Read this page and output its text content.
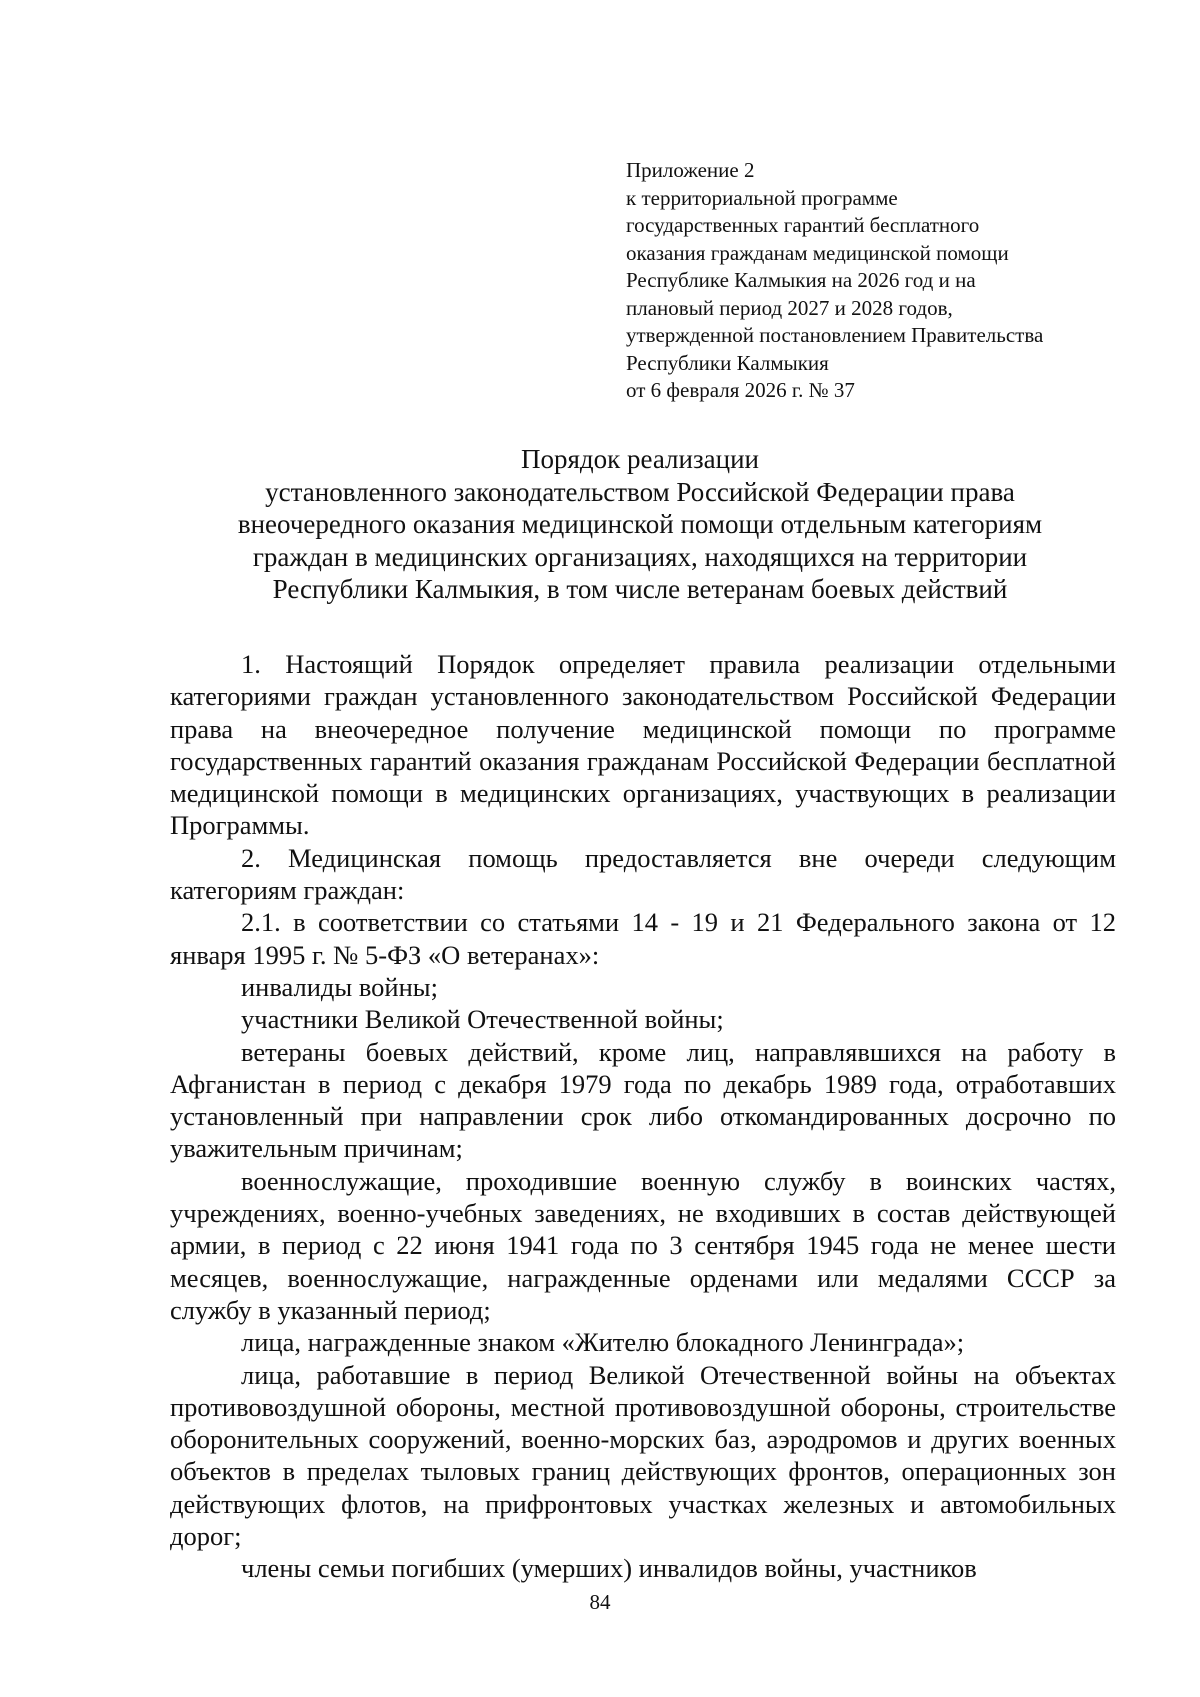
Приложение 2
к территориальной программе
государственных гарантий бесплатного
оказания гражданам медицинской помощи
Республике Калмыкия на 2026 год и на
плановый период 2027 и 2028 годов,
утвержденной постановлением Правительства
Республики Калмыкия
от 6 февраля 2026 г. № 37
Порядок реализации
установленного законодательством Российской Федерации права
внеочередного оказания медицинской помощи отдельным категориям
граждан в медицинских организациях, находящихся на территории
Республики Калмыкия, в том числе ветеранам боевых действий

1. Настоящий Порядок определяет правила реализации отдельными категориями граждан установленного законодательством Российской Федерации права на внеочередное получение медицинской помощи по программе государственных гарантий оказания гражданам Российской Федерации бесплатной медицинской помощи в медицинских организациях, участвующих в реализации Программы.

2. Медицинская помощь предоставляется вне очереди следующим категориям граждан:

2.1. в соответствии со статьями 14 - 19 и 21 Федерального закона от 12 января 1995 г. № 5-ФЗ «О ветеранах»:

инвалиды войны;

участники Великой Отечественной войны;

ветераны боевых действий, кроме лиц, направлявшихся на работу в Афганистан в период с декабря 1979 года по декабрь 1989 года, отработавших установленный при направлении срок либо откомандированных досрочно по уважительным причинам;

военнослужащие, проходившие военную службу в воинских частях, учреждениях, военно-учебных заведениях, не входивших в состав действующей армии, в период с 22 июня 1941 года по 3 сентября 1945 года не менее шести месяцев, военнослужащие, награжденные орденами или медалями СССР за службу в указанный период;

лица, награжденные знаком «Жителю блокадного Ленинграда»;

лица, работавшие в период Великой Отечественной войны на объектах противовоздушной обороны, местной противовоздушной обороны, строительстве оборонительных сооружений, военно-морских баз, аэродромов и других военных объектов в пределах тыловых границ действующих фронтов, операционных зон действующих флотов, на прифронтовых участках железных и автомобильных дорог;

члены семьи погибших (умерших) инвалидов войны, участников

84
